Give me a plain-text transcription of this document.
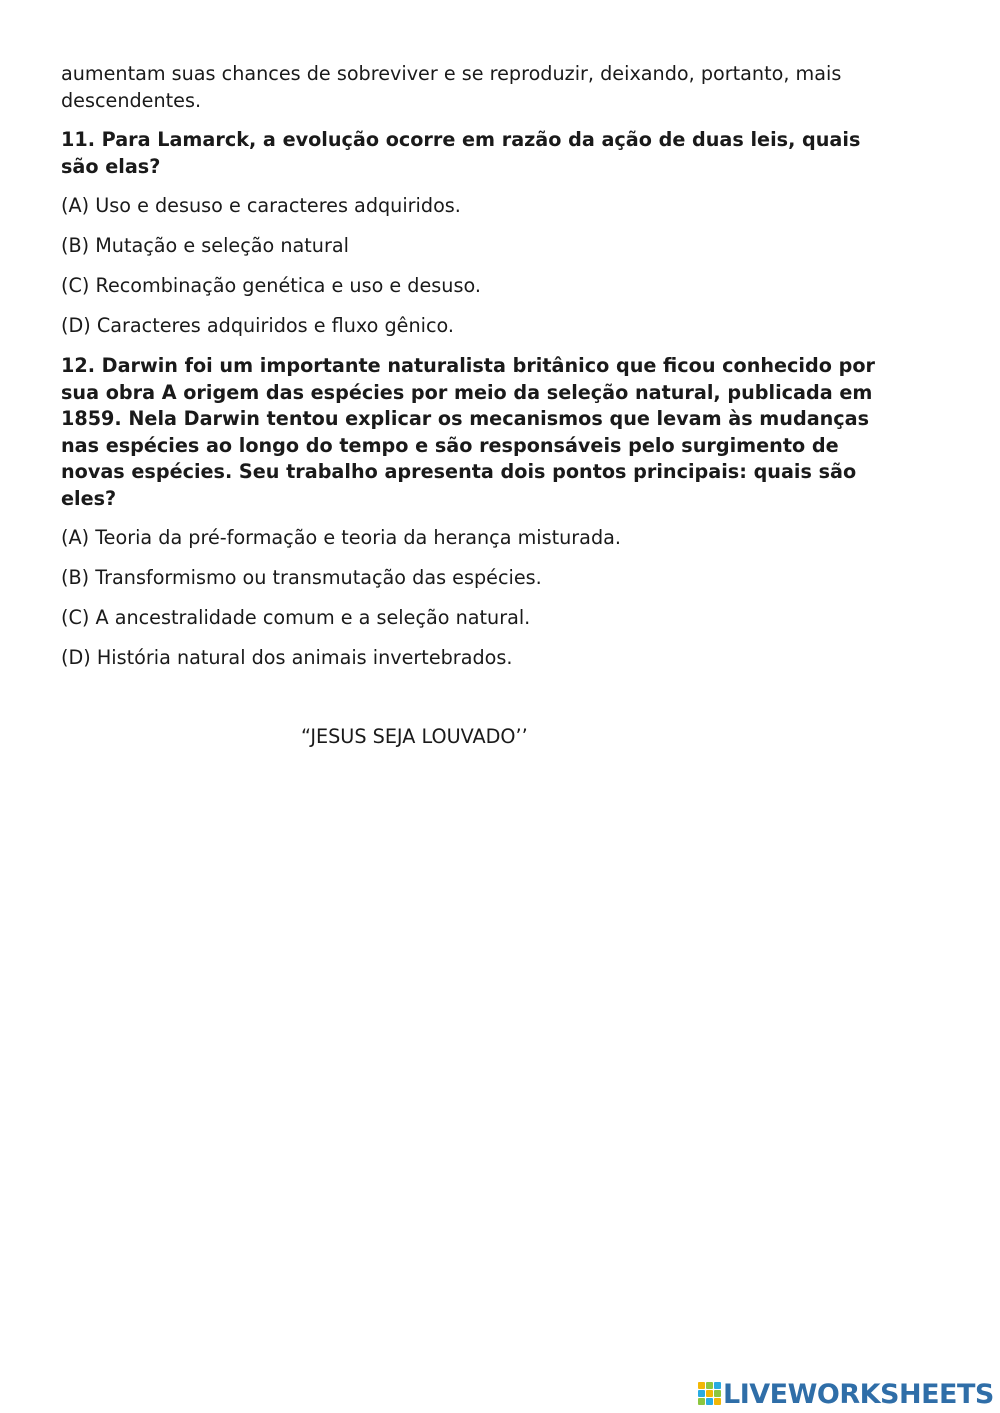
aumentam suas chances de sobreviver e se reproduzir, deixando, portanto, mais
descendentes.
11. Para Lamarck, a evolução ocorre em razão da ação de duas leis, quais
são elas?
(A) Uso e desuso e caracteres adquiridos.
(B) Mutação e seleção natural
(C) Recombinação genética e uso e desuso.
(D) Caracteres adquiridos e fluxo gênico.
12. Darwin foi um importante naturalista britânico que ficou conhecido por
sua obra A origem das espécies por meio da seleção natural, publicada em
1859. Nela Darwin tentou explicar os mecanismos que levam às mudanças
nas espécies ao longo do tempo e são responsáveis pelo surgimento de
novas espécies. Seu trabalho apresenta dois pontos principais: quais são
eles?
(A) Teoria da pré-formação e teoria da herança misturada.
(B) Transformismo ou transmutação das espécies.
(C) A ancestralidade comum e a seleção natural.
(D) História natural dos animais invertebrados.
“JESUS SEJA LOUVADO’’
LIVEWORKSHEETS
